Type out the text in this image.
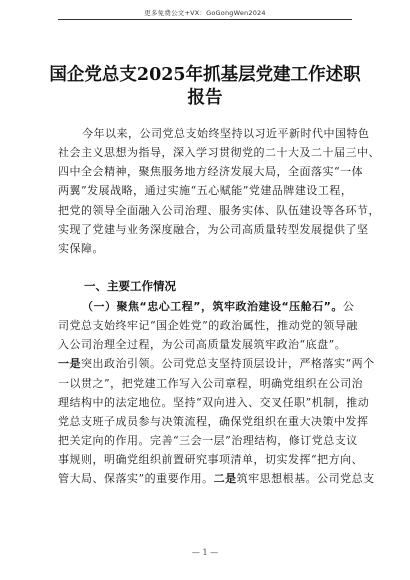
更多免费公文+VX：GoGongWen2024
国企党总支2025年抓基层党建工作述职
报告
今年以来，公司党总支始终坚持以习近平新时代中国特色
社会主义思想为指导，深入学习贯彻党的二十大及二十届三中、
四中全会精神，聚焦服务地方经济发展大局，全面落实“一体
两翼”发展战略，通过实施“五心赋能”党建品牌建设工程，
把党的领导全面融入公司治理、服务实体、队伍建设等各环节，
实现了党建与业务深度融合，为公司高质量转型发展提供了坚
实保障。
一、主要工作情况
（一）聚焦“忠心工程”，筑牢政治建设“压舱石”。公
司党总支始终牢记“国企姓党”的政治属性，推动党的领导融
入公司治理全过程，为公司高质量发展筑牢政治“底盘”。
一是突出政治引领。公司党总支坚持顶层设计，严格落实“两个
一以贯之”，把党建工作写入公司章程，明确党组织在公司治
理结构中的法定地位。坚持“双向进入、交叉任职”机制，推动
党总支班子成员参与决策流程，确保党组织在重大决策中发挥
把关定向的作用。完善“三会一层”治理结构，修订党总支议
事规则，明确党组织前置研究事项清单，切实发挥“把方向、
管大局、保落实”的重要作用。二是筑牢思想根基。公司党总支
— 1 —
